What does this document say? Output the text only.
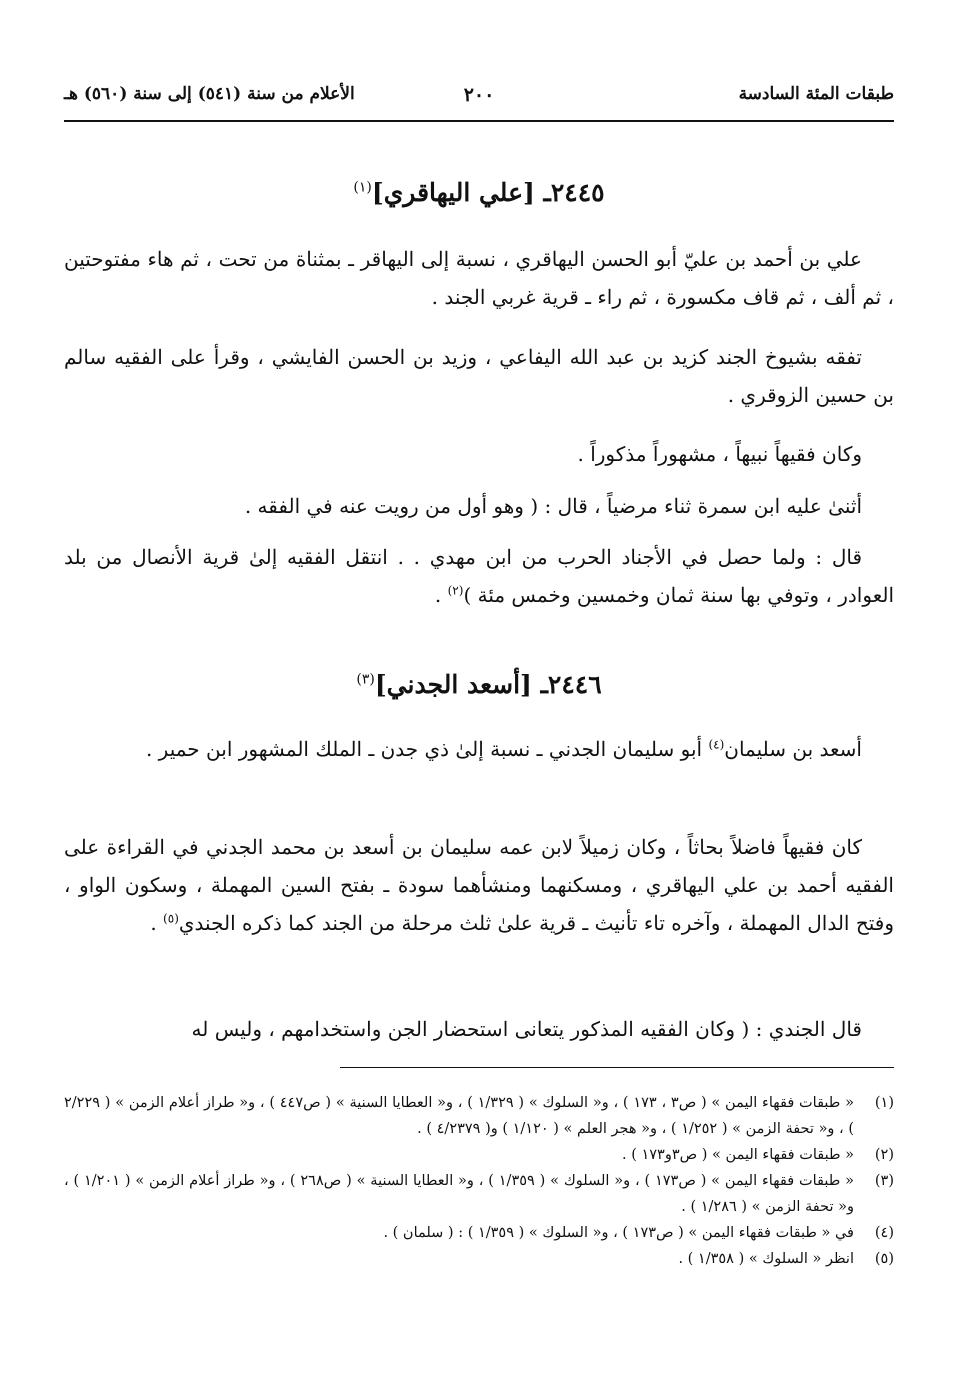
طبقات المئة السادسة
٢٠٠
الأعلام من سنة (٥٤١) إلى سنة (٥٦٠) هـ
٢٤٤٥ـ [علي اليهاقري]$^{(١)}$
علي بن أحمد بن عليّ أبو الحسن اليهاقري ، نسبة إلى اليهاقر ـ بمثناة من تحت ، ثم هاء مفتوحتين ، ثم ألف ، ثم قاف مكسورة ، ثم راء ـ قرية غربي الجند .
تفقه بشيوخ الجند كزيد بن عبد الله اليفاعي ، وزيد بن الحسن الفايشي ، وقرأ على الفقيه سالم بن حسين الزوقري .
وكان فقيهاً نبيهاً ، مشهوراً مذكوراً .
أثنىٰ عليه ابن سمرة ثناء مرضياً ، قال : ( وهو أول من رويت عنه في الفقه .
قال : ولما حصل في الأجناد الحرب من ابن مهدي . . انتقل الفقيه إلىٰ قرية الأنصال من بلد العوادر ، وتوفي بها سنة ثمان وخمسين وخمس مئة )$^{(٢)}$ .
٢٤٤٦ـ [أسعد الجدني]$^{(٣)}$
أسعد بن سليمان$^{(٤)}$ أبو سليمان الجدني ـ نسبة إلىٰ ذي جدن ـ الملك المشهور ابن حمير .
كان فقيهاً فاضلاً بحاثاً ، وكان زميلاً لابن عمه سليمان بن أسعد بن محمد الجدني في القراءة على الفقيه أحمد بن علي اليهاقري ، ومسكنهما ومنشأهما سودة ـ بفتح السين المهملة ، وسكون الواو ، وفتح الدال المهملة ، وآخره تاء تأنيث ـ قرية علىٰ ثلث مرحلة من الجند كما ذكره الجندي$^{(٥)}$ .
قال الجندي : ( وكان الفقيه المذكور يتعانى استحضار الجن واستخدامهم ، وليس له
(١)
« طبقات فقهاء اليمن » ( ص٣ ، ١٧٣ ) ، و« السلوك » ( ١/٣٢٩ ) ، و« العطايا السنية » ( ص٤٤٧ ) ، و« طراز أعلام الزمن » ( ٢/٢٢٩ ) ، و« تحفة الزمن » ( ١/٢٥٢ ) ، و« هجر العلم » ( ١/١٢٠ ) و( ٤/٢٣٧٩ ) .
(٢)
« طبقات فقهاء اليمن » ( ص٣و١٧٣ ) .
(٣)
« طبقات فقهاء اليمن » ( ص١٧٣ ) ، و« السلوك » ( ١/٣٥٩ ) ، و« العطايا السنية » ( ص٢٦٨ ) ، و« طراز أعلام الزمن » ( ١/٢٠١ ) ، و« تحفة الزمن » ( ١/٢٨٦ ) .
(٤)
في « طبقات فقهاء اليمن » ( ص١٧٣ ) ، و« السلوك » ( ١/٣٥٩ ) : ( سلمان ) .
(٥)
انظر « السلوك » ( ١/٣٥٨ ) .
